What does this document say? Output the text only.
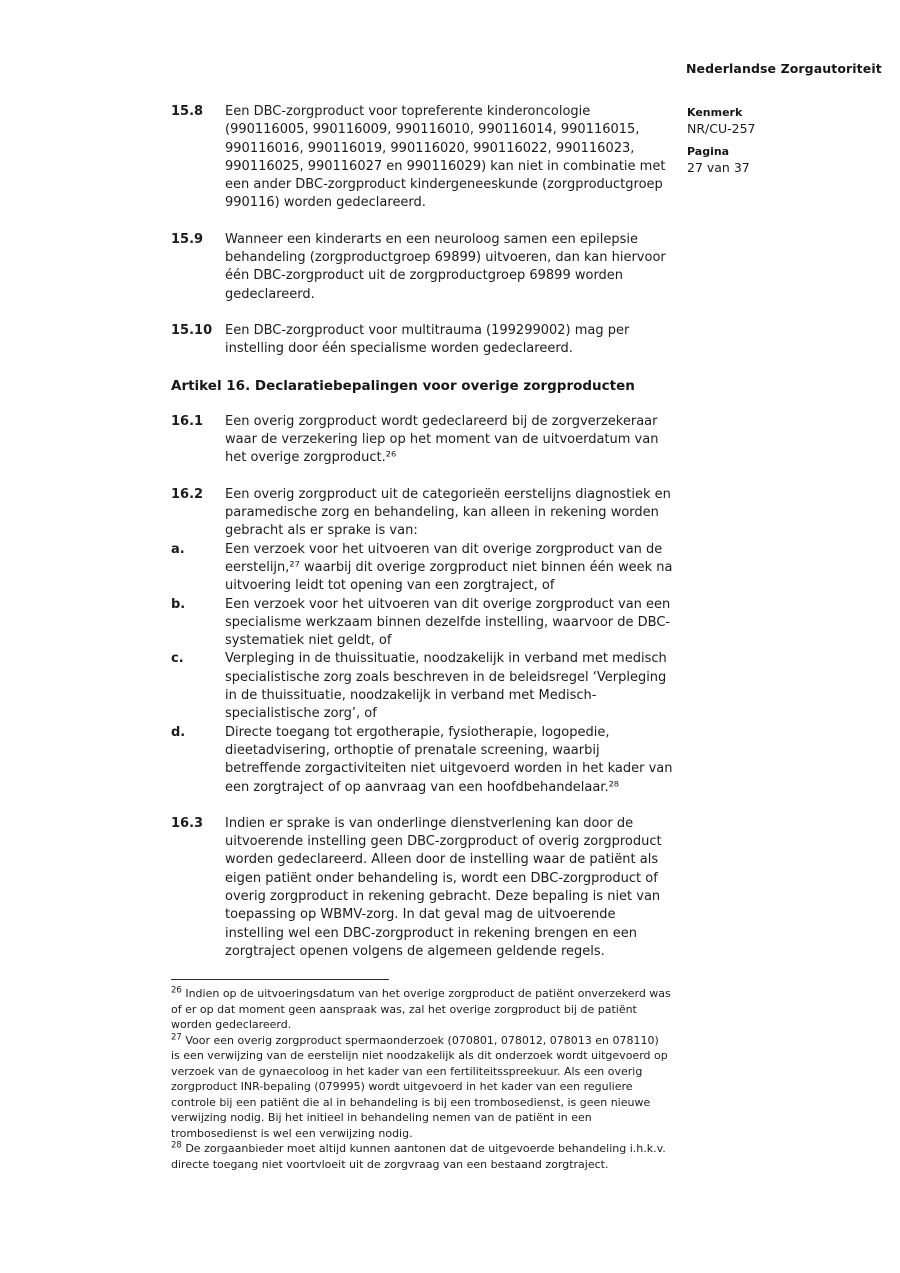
Nederlandse Zorgautoriteit
Kenmerk
NR/CU-257
Pagina
27 van 37
15.8	Een DBC-zorgproduct voor topreferente kinderoncologie (990116005, 990116009, 990116010, 990116014, 990116015, 990116016, 990116019, 990116020, 990116022, 990116023, 990116025, 990116027 en 990116029) kan niet in combinatie met een ander DBC-zorgproduct kindergeneeskunde (zorgproductgroep 990116) worden gedeclareerd.
15.9	Wanneer een kinderarts en een neuroloog samen een epilepsie behandeling (zorgproductgroep 69899) uitvoeren, dan kan hiervoor één DBC-zorgproduct uit de zorgproductgroep 69899 worden gedeclareerd.
15.10 Een DBC-zorgproduct voor multitrauma (199299002) mag per instelling door één specialisme worden gedeclareerd.
Artikel 16. Declaratiebepalingen voor overige zorgproducten
16.1	Een overig zorgproduct wordt gedeclareerd bij de zorgverzekeraar waar de verzekering liep op het moment van de uitvoerdatum van het overige zorgproduct.²⁶
16.2	Een overig zorgproduct uit de categorieën eerstelijns diagnostiek en paramedische zorg en behandeling, kan alleen in rekening worden gebracht als er sprake is van:
a.	Een verzoek voor het uitvoeren van dit overige zorgproduct van de eerstelijn,²⁷ waarbij dit overige zorgproduct niet binnen één week na uitvoering leidt tot opening van een zorgtraject, of
b.	Een verzoek voor het uitvoeren van dit overige zorgproduct van een specialisme werkzaam binnen dezelfde instelling, waarvoor de DBC-systematiek niet geldt, of
c.	Verpleging in de thuissituatie, noodzakelijk in verband met medisch specialistische zorg zoals beschreven in de beleidsregel ‘Verpleging in de thuissituatie, noodzakelijk in verband met Medisch-specialistische zorg’, of
d.	Directe toegang tot ergotherapie, fysiotherapie, logopedie, dieetadvisering, orthoptie of prenatale screening, waarbij betreffende zorgactiviteiten niet uitgevoerd worden in het kader van een zorgtraject of op aanvraag van een hoofdbehandelaar.²⁸
16.3	Indien er sprake is van onderlinge dienstverlening kan door de uitvoerende instelling geen DBC-zorgproduct of overig zorgproduct worden gedeclareerd. Alleen door de instelling waar de patiënt als eigen patiënt onder behandeling is, wordt een DBC-zorgproduct of overig zorgproduct in rekening gebracht. Deze bepaling is niet van toepassing op WBMV-zorg. In dat geval mag de uitvoerende instelling wel een DBC-zorgproduct in rekening brengen en een zorgtraject openen volgens de algemeen geldende regels.

$^{26}$ Indien op de uitvoeringsdatum van het overige zorgproduct de patiënt onverzekerd was of er op dat moment geen aanspraak was, zal het overige zorgproduct bij de patiënt worden gedeclareerd.

$^{27}$ Voor een overig zorgproduct spermaonderzoek (070801, 078012, 078013 en 078110) is een verwijzing van de eerstelijn niet noodzakelijk als dit onderzoek wordt uitgevoerd op verzoek van de gynaecoloog in het kader van een fertiliteitsspreekuur. Als een overig zorgproduct INR-bepaling (079995) wordt uitgevoerd in het kader van een reguliere controle bij een patiënt die al in behandeling is bij een trombosedienst, is geen nieuwe verwijzing nodig. Bij het initieel in behandeling nemen van de patiënt in een trombosedienst is wel een verwijzing nodig.

$^{28}$ De zorgaanbieder moet altijd kunnen aantonen dat de uitgevoerde behandeling i.h.k.v. directe toegang niet voortvloeit uit de zorgvraag van een bestaand zorgtraject.
